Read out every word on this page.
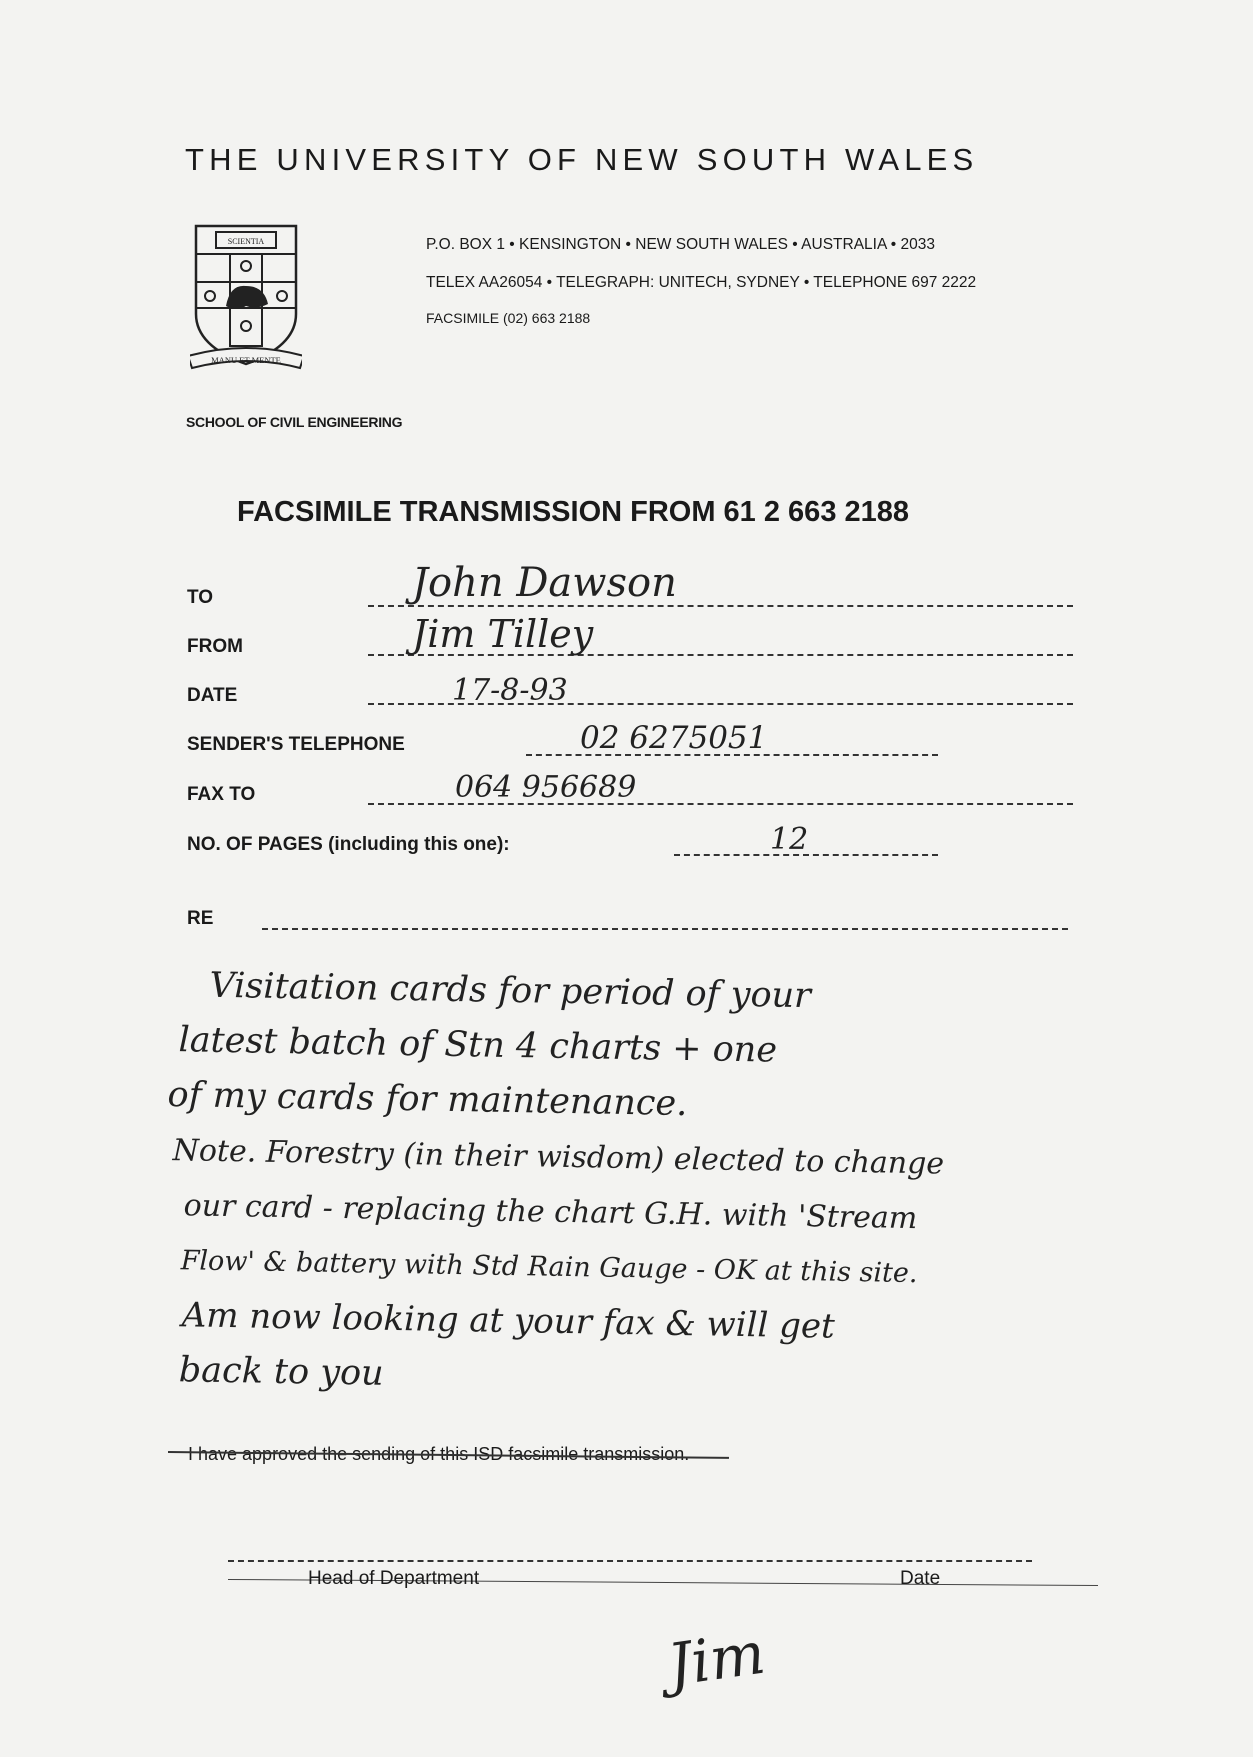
THE UNIVERSITY OF NEW SOUTH WALES
SCIENTIA
MANU ET MENTE
P.O. BOX 1 • KENSINGTON • NEW SOUTH WALES • AUSTRALIA • 2033
TELEX AA26054 • TELEGRAPH: UNITECH, SYDNEY • TELEPHONE 697 2222
FACSIMILE (02) 663 2188
SCHOOL OF CIVIL ENGINEERING
FACSIMILE TRANSMISSION FROM 61 2 663 2188
TO	John Dawson
FROM	Jim Tilley
DATE	17-8-93
SENDER'S TELEPHONE	02 6275051
FAX TO	064 956689
NO. OF PAGES (including this one):	12
RE
Visitation cards for period of your
latest batch of Stn 4 charts + one
of my cards for maintenance.
Note. Forestry (in their wisdom) elected to change
our card - replacing the chart G.H. with 'Stream
Flow' & battery with Std Rain Gauge - OK at this site.
Am now looking at your fax & will get
back to you
I have approved the sending of this ISD facsimile transmission.
Head of Department	Date
Jim
